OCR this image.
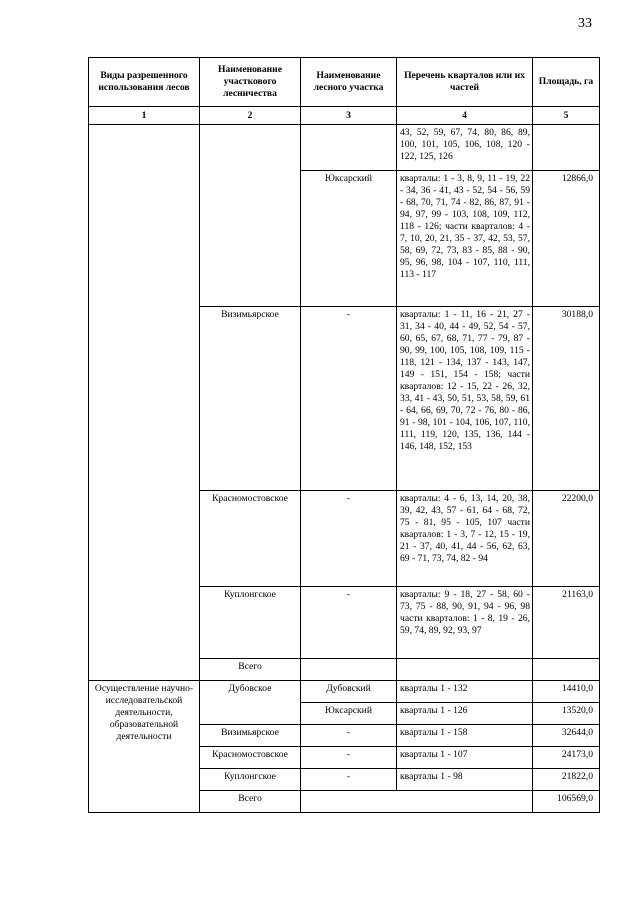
33
Виды разрешенного использования лесов	Наименование участкового лесничества	Наименование лесного участка	Перечень кварталов или их частей	Площадь, га
1	2	3	4	5
			43, 52, 59, 67, 74, 80, 86, 89, 100, 101, 105, 106, 108, 120 - 122, 125, 126	
		Юксарский	кварталы: 1 - 3, 8, 9, 11 - 19, 22 - 34, 36 - 41, 43 - 52, 54 - 56, 59 - 68, 70, 71, 74 - 82, 86, 87, 91 - 94, 97, 99 - 103, 108, 109, 112, 118 - 126; части кварталов: 4 - 7, 10, 20, 21, 35 - 37, 42, 53, 57, 58, 69, 72, 73, 83 - 85, 88 - 90, 95, 96, 98, 104 - 107, 110, 111, 113 - 117	12866,0
	Визимьярское	-	кварталы: 1 - 11, 16 - 21, 27 - 31, 34 - 40, 44 - 49, 52, 54 - 57, 60, 65, 67, 68, 71, 77 - 79, 87 - 90, 99, 100, 105, 108, 109, 115 - 118, 121 - 134, 137 - 143, 147, 149 - 151, 154 - 158; части кварталов: 12 - 15, 22 - 26, 32, 33, 41 - 43, 50, 51, 53, 58, 59, 61 - 64, 66, 69, 70, 72 - 76, 80 - 86, 91 - 98, 101 - 104, 106, 107, 110, 111, 119, 120, 135, 136, 144 - 146, 148, 152, 153	30188,0
	Красномостовское	-	кварталы: 4 - 6, 13, 14, 20, 38, 39, 42, 43, 57 - 61, 64 - 68, 72, 75 - 81, 95 - 105, 107 части кварталов: 1 - 3, 7 - 12, 15 - 19, 21 - 37, 40, 41, 44 - 56, 62, 63, 69 - 71, 73, 74, 82 - 94	22200,0
	Куплонгское	-	кварталы: 9 - 18, 27 - 58, 60 - 73, 75 - 88, 90, 91, 94 - 96, 98 части кварталов: 1 - 8, 19 - 26, 59, 74, 89, 92, 93, 97	21163,0
	Всего			
Осуществление научно-исследовательской деятельности, образовательной деятельности	Дубовское	Дубовский	кварталы 1 - 132	14410,0
		Юксарский	кварталы 1 - 126	13520,0
	Визимьярское	-	кварталы 1 - 158	32644,0
	Красномостовское	-	кварталы 1 - 107	24173,0
	Куплонгское	-	кварталы 1 - 98	21822,0
	Всего			106569,0
